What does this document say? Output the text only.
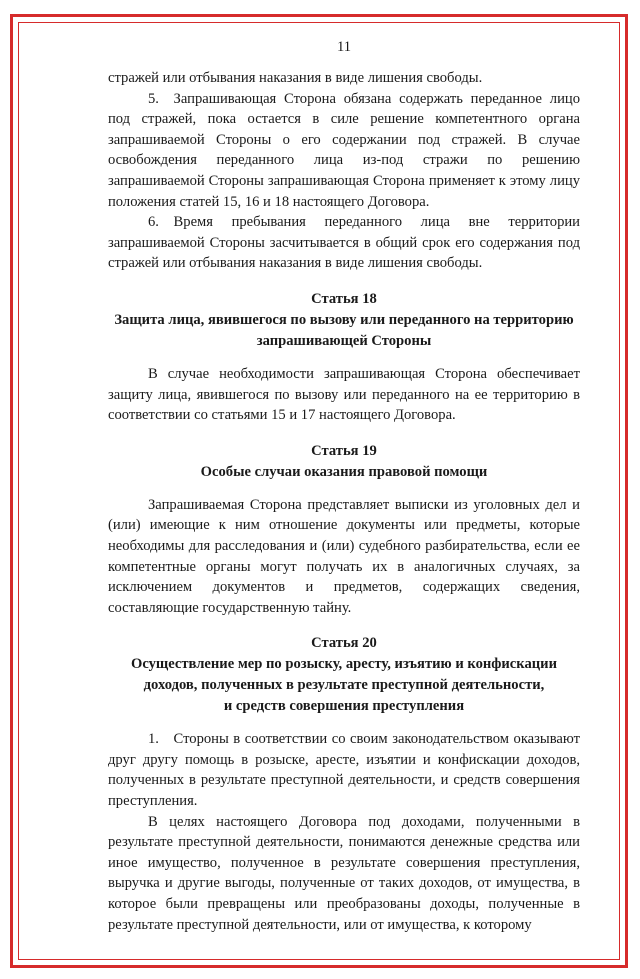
11

стражей или отбывания наказания в виде лишения свободы.

5. Запрашивающая Сторона обязана содержать переданное лицо под стражей, пока остается в силе решение компетентного органа запрашиваемой Стороны о его содержании под стражей. В случае освобождения переданного лица из-под стражи по решению запрашиваемой Стороны запрашивающая Сторона применяет к этому лицу положения статей 15, 16 и 18 настоящего Договора.

6. Время пребывания переданного лица вне территории запрашиваемой Стороны засчитывается в общий срок его содержания под стражей или отбывания наказания в виде лишения свободы.

Статья 18
Защита лица, явившегося по вызову или переданного на территорию
запрашивающей Стороны

В случае необходимости запрашивающая Сторона обеспечивает защиту лица, явившегося по вызову или переданного на ее территорию в соответствии со статьями 15 и 17 настоящего Договора.

Статья 19
Особые случаи оказания правовой помощи

Запрашиваемая Сторона представляет выписки из уголовных дел и (или) имеющие к ним отношение документы или предметы, которые необходимы для расследования и (или) судебного разбирательства, если ее компетентные органы могут получать их в аналогичных случаях, за исключением документов и предметов, содержащих сведения, составляющие государственную тайну.

Статья 20
Осуществление мер по розыску, аресту, изъятию и конфискации
доходов, полученных в результате преступной деятельности,
и средств совершения преступления

1. Стороны в соответствии со своим законодательством оказывают друг другу помощь в розыске, аресте, изъятии и конфискации доходов, полученных в результате преступной деятельности, и средств совершения преступления.

В целях настоящего Договора под доходами, полученными в результате преступной деятельности, понимаются денежные средства или иное имущество, полученное в результате совершения преступления, выручка и другие выгоды, полученные от таких доходов, от имущества, в которое были превращены или преобразованы доходы, полученные в результате преступной деятельности, или от имущества, к которому
